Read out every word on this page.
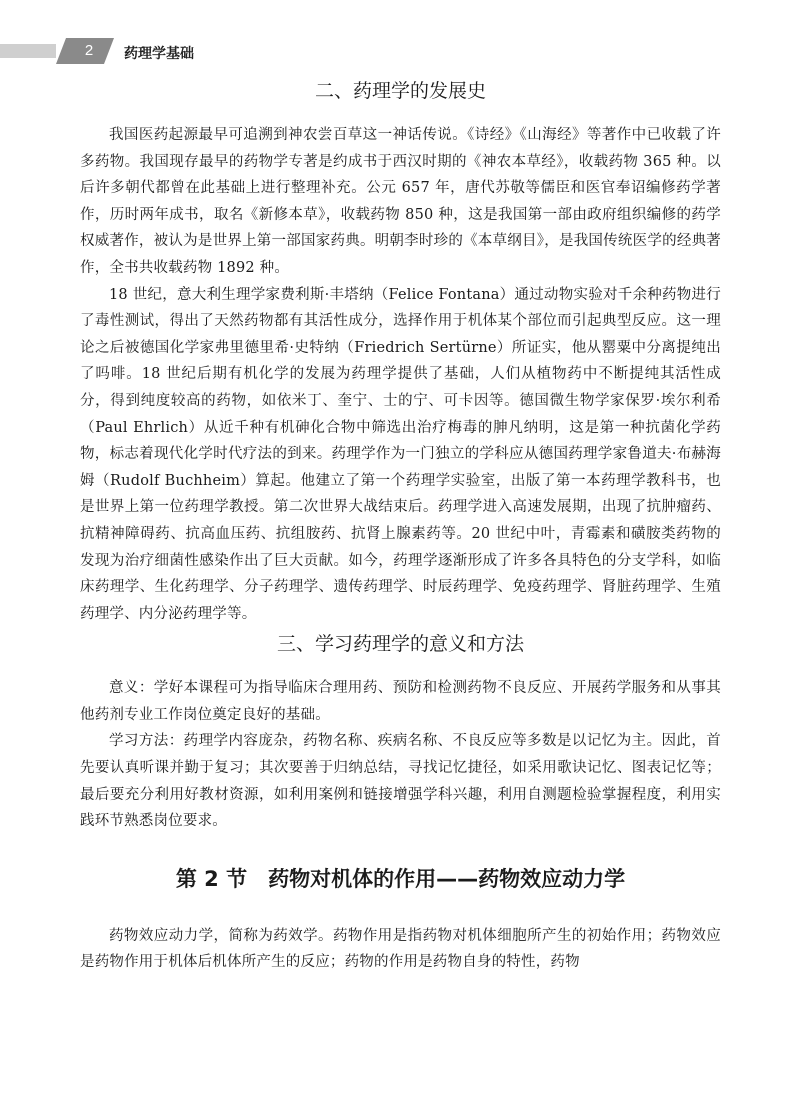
2	药理学基础
二、药理学的发展史

我国医药起源最早可追溯到神农尝百草这一神话传说。《诗经》《山海经》等著作中已收载了许多药物。我国现存最早的药物学专著是约成书于西汉时期的《神农本草经》，收载药物 365 种。以后许多朝代都曾在此基础上进行整理补充。公元 657 年，唐代苏敬等儒臣和医官奉诏编修药学著作，历时两年成书，取名《新修本草》，收载药物 850 种，这是我国第一部由政府组织编修的药学权威著作，被认为是世界上第一部国家药典。明朝李时珍的《本草纲目》，是我国传统医学的经典著作，全书共收载药物 1892 种。

18 世纪，意大利生理学家费利斯·丰塔纳（Felice Fontana）通过动物实验对千余种药物进行了毒性测试，得出了天然药物都有其活性成分，选择作用于机体某个部位而引起典型反应。这一理论之后被德国化学家弗里德里希·史特纳（Friedrich Sertürne）所证实，他从罂粟中分离提纯出了吗啡。18 世纪后期有机化学的发展为药理学提供了基础，人们从植物药中不断提纯其活性成分，得到纯度较高的药物，如依米丁、奎宁、士的宁、可卡因等。德国微生物学家保罗·埃尔利希（Paul Ehrlich）从近千种有机砷化合物中筛选出治疗梅毒的胂凡纳明，这是第一种抗菌化学药物，标志着现代化学时代疗法的到来。药理学作为一门独立的学科应从德国药理学家鲁道夫·布赫海姆（Rudolf Buchheim）算起。他建立了第一个药理学实验室，出版了第一本药理学教科书，也是世界上第一位药理学教授。第二次世界大战结束后。药理学进入高速发展期，出现了抗肿瘤药、抗精神障碍药、抗高血压药、抗组胺药、抗肾上腺素药等。20 世纪中叶，青霉素和磺胺类药物的发现为治疗细菌性感染作出了巨大贡献。如今，药理学逐渐形成了许多各具特色的分支学科，如临床药理学、生化药理学、分子药理学、遗传药理学、时辰药理学、免疫药理学、肾脏药理学、生殖药理学、内分泌药理学等。

三、学习药理学的意义和方法

意义：学好本课程可为指导临床合理用药、预防和检测药物不良反应、开展药学服务和从事其他药剂专业工作岗位奠定良好的基础。

学习方法：药理学内容庞杂，药物名称、疾病名称、不良反应等多数是以记忆为主。因此，首先要认真听课并勤于复习；其次要善于归纳总结，寻找记忆捷径，如采用歌诀记忆、图表记忆等；最后要充分利用好教材资源，如利用案例和链接增强学科兴趣，利用自测题检验掌握程度，利用实践环节熟悉岗位要求。

第 2 节　药物对机体的作用——药物效应动力学

药物效应动力学，简称为药效学。药物作用是指药物对机体细胞所产生的初始作用；药物效应是药物作用于机体后机体所产生的反应；药物的作用是药物自身的特性，药物
